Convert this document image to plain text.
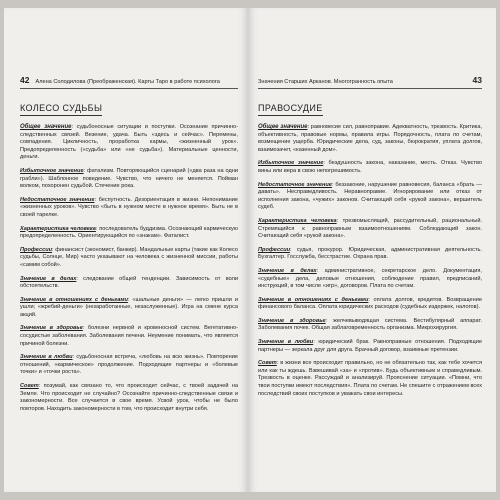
42 Алена Солодилова (Преображенская). Карты Таро в работе психолога
КОЛЕСО СУДЬБЫ

Общее значение: судьбоносные ситуации и поступки. Осознание причинно-следственных связей. Везение, удача. Быть «здесь и сейчас». Перемены, совпадения. Цикличность, проработка кармы, «жизненный урок». Предопределенность («судьба» или «не судьба»). Материальные ценности, деньги.

Избыточное значение: фатализм. Повторяющийся сценарий («два раза на одни грабли»). Шаблонное поведение. Чувство, что ничего не меняется. Пойман волком, похоронен судьбой. Стечение рока.

Недостаточное значение: беспутность. Дезориентация в жизни. Непонимание «жизненных уроков». Чувство «быть в нужном месте в нужное время». Быть не в своей тарелке.

Характеристика человека: последователь буддизма. Осознающий кармическую предопределенность. Ориентирующийся по «знакам». Фаталист.

Профессии: финансист (экономист, банкир). Мандальные карты (такие как Колесо судьбы, Солнце, Мир) часто указывают на человека с жизненной миссии, работы «самим собой».

Значение в делах: следование общей тенденции. Зависимость от воли обстоятельств.

Значение в отношениях с деньгами: «шальные деньги» — легко пришли и ушли; «жребий-деньги» (незаработанные, незаслуженные). Игра на смене курса акций.

Значение в здоровье: болезни нервной и кровеносной систем. Вегетативно-сосудистые заболевания. Заболевания печени. Неумение понимать, что является причиной болезни.

Значение в любви: судьбоносная встреча, «любовь на всю жизнь». Повторение отношений, «кармическое» продолжение. Подходящие партнеры и «болевые точки» и «точки роста».

Совет: позумай, как связано то, что происходит сейчас, с твоей задачей на Земле. Что происходит не случайно? Осознайте причинно-следственные связи и закономерности. Все случается в свое время. Усвой урок, чтобы не было повторов. Находить закономерности в том, что происходит внутри себя.

Значения Старших Арканов. Многогранность опыта	43
ПРАВОСУДИЕ

Общее значение: равновесие сил, равноправие. Адекватность, трезвость. Критика, объективность, правовые нормы, правила игры. Порядочность, плата по счетам, возмещение ущерба. Юридические дела, суд, законы, бюрократия, уплата долгов, взаимозачет, «казенный дом».

Избыточное значение: бездушность закона, наказание, месть. Отказ. Чувство вины или вера в свою непогрешимость.

Недостаточное значение: беззаконие, нарушение равновесия, баланса «брать — давать». Несправедливость. Неравноправие. Игнорирование или отказ от исполнения закона, «чужих» законов. Считающий себя «рукой закона», вершитель судеб.

Характеристика человека: трезвомыслящий, рассудительный, рациональный. Стремящийся к равноправным взаимоотношениям. Соблюдающий закон. Считающий себя «рукой закона».

Профессии: судья, прокурор. Юридическая, административная деятельность. Бухгалтер. Госслужба, бесстрастие. Охрана прав.

Значение в делах: административное, секретарское дело. Документация, «судебные» дела, деловые отношения, соблюдение правил, предписаний, инструкций, в том числе «игр», договоров. Плата по счетам.

Значение в отношениях с деньгами: оплата долгов, кредитов. Возвращение финансового баланса. Оплата юридических расходов (судебных издержек, налогов).

Значение в здоровье: желчевыводящая система. Вестибулярный аппарат. Заболевания почек. Общая заблаговременность организма. Микрохирургия.

Значение в любви: юридический брак. Равноправные отношения. Подходящие партнеры — зеркала друг для друга. Брачный договор, взаимные претензии.

Совет: в жизни все происходит правильно, но не обязательно так, как тебе хочется или как ты ждешь. Взвешивай «за» и «против». Будь объективным и справедливым. Трезвость в оценке. Рассуждай и анализируй. Прояснение ситуации. «Помни, что твои поступки имеют последствия». Плата по счетам. Не спешите с отражением всех последствий своих поступков и уважать свои интересы.
